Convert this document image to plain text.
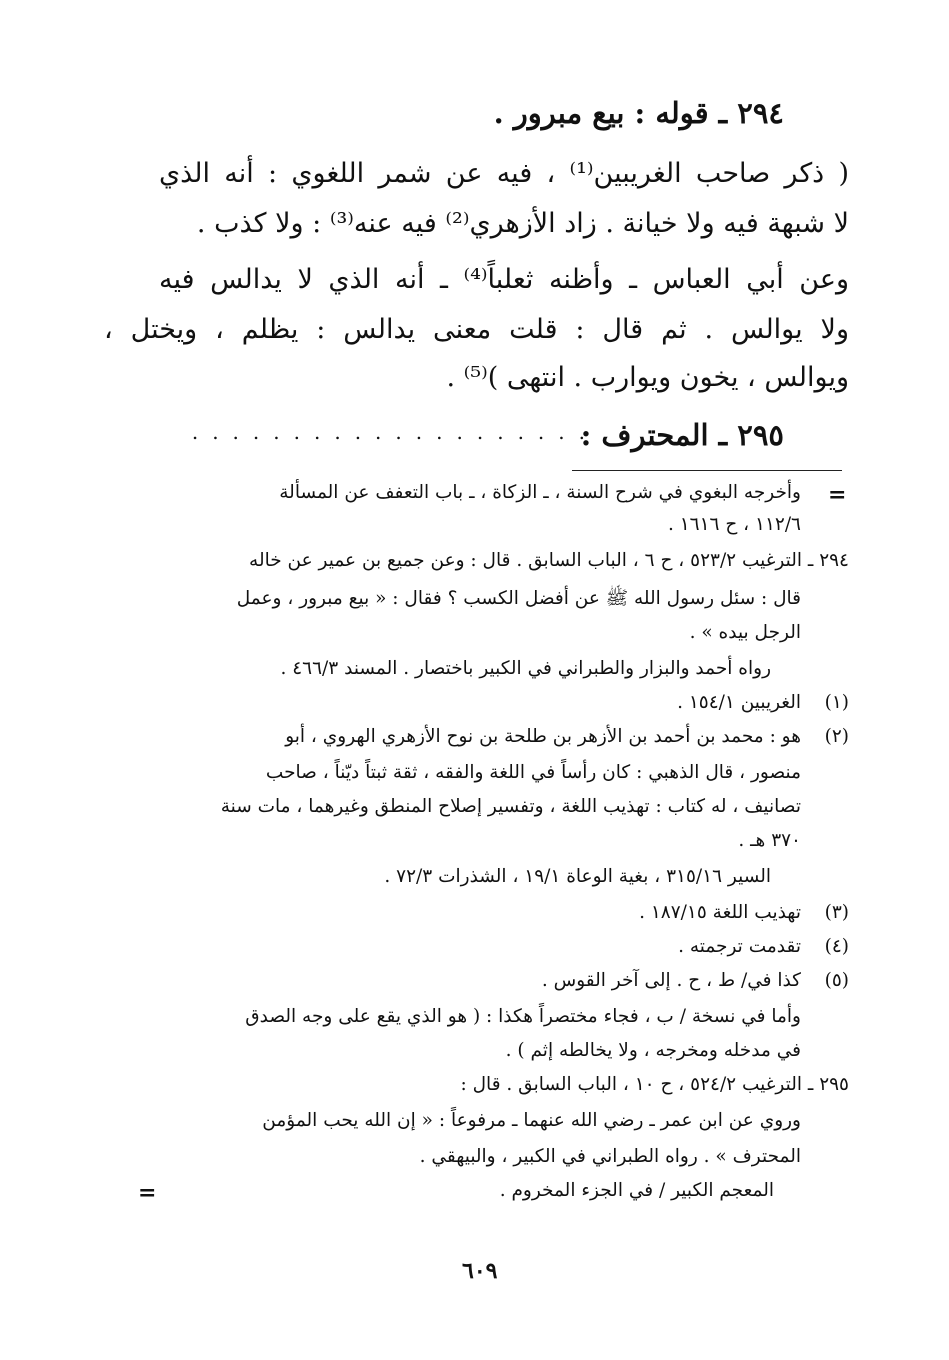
٢٩٤ ـ قوله : بيع مبرور .
( ذكر صاحب الغريبين⁽¹⁾ ، فيه عن شمر اللغوي : أنه الذي
لا شبهة فيه ولا خيانة . زاد الأزهري⁽²⁾ فيه عنه⁽³⁾ : ولا كذب .
وعن أبي العباس ـ وأظنه ثعلباً⁽⁴⁾ ـ أنه الذي لا يدالس فيه
ولا يوالس . ثم قال : قلت معنى يدالس : يظلم ، ويختل ،
ويوالس ، يخون ويوارب . انتهى )⁽⁵⁾ .
٢٩٥ ـ المحترف :
....................
=
وأخرجه البغوي في شرح السنة ، ـ الزكاة ، ـ باب التعفف عن المسألة
١١٢/٦ ، ح ١٦١٦ .
٢٩٤ ـ الترغيب ٥٢٣/٢ ، ح ٦ ، الباب السابق . قال : وعن جميع بن عمير عن خاله
قال : سئل رسول الله ﷺ عن أفضل الكسب ؟ فقال : « بيع مبرور ، وعمل
الرجل بيده » .
رواه أحمد والبزار والطبراني في الكبير باختصار . المسند ٤٦٦/٣ .
(١)
الغريبين ١٥٤/١ .
(٢)
هو : محمد بن أحمد بن الأزهر بن طلحة بن نوح الأزهري الهروي ، أبو
منصور ، قال الذهبي : كان رأساً في اللغة والفقه ، ثقة ثبتاً ديّناً ، صاحب
تصانيف ، له كتاب : تهذيب اللغة ، وتفسير إصلاح المنطق وغيرهما ، مات سنة
٣٧٠ هـ .
السير ٣١٥/١٦ ، بغية الوعاة ١٩/١ ، الشذرات ٧٢/٣ .
(٣)
تهذيب اللغة ١٨٧/١٥ .
(٤)
تقدمت ترجمته .
(٥)
كذا في/ ط ، ح . إلى آخر القوس .
وأما في نسخة / ب ، فجاء مختصراً هكذا : ( هو الذي يقع على وجه الصدق
في مدخله ومخرجه ، ولا يخالطه إثم ) .
٢٩٥ ـ الترغيب ٥٢٤/٢ ، ح ١٠ ، الباب السابق . قال :
وروي عن ابن عمر ـ رضي الله عنهما ـ مرفوعاً : « إن الله يحب المؤمن
المحترف » . رواه الطبراني في الكبير ، والبيهقي .
المعجم الكبير / في الجزء المخروم .
=
٦٠٩
